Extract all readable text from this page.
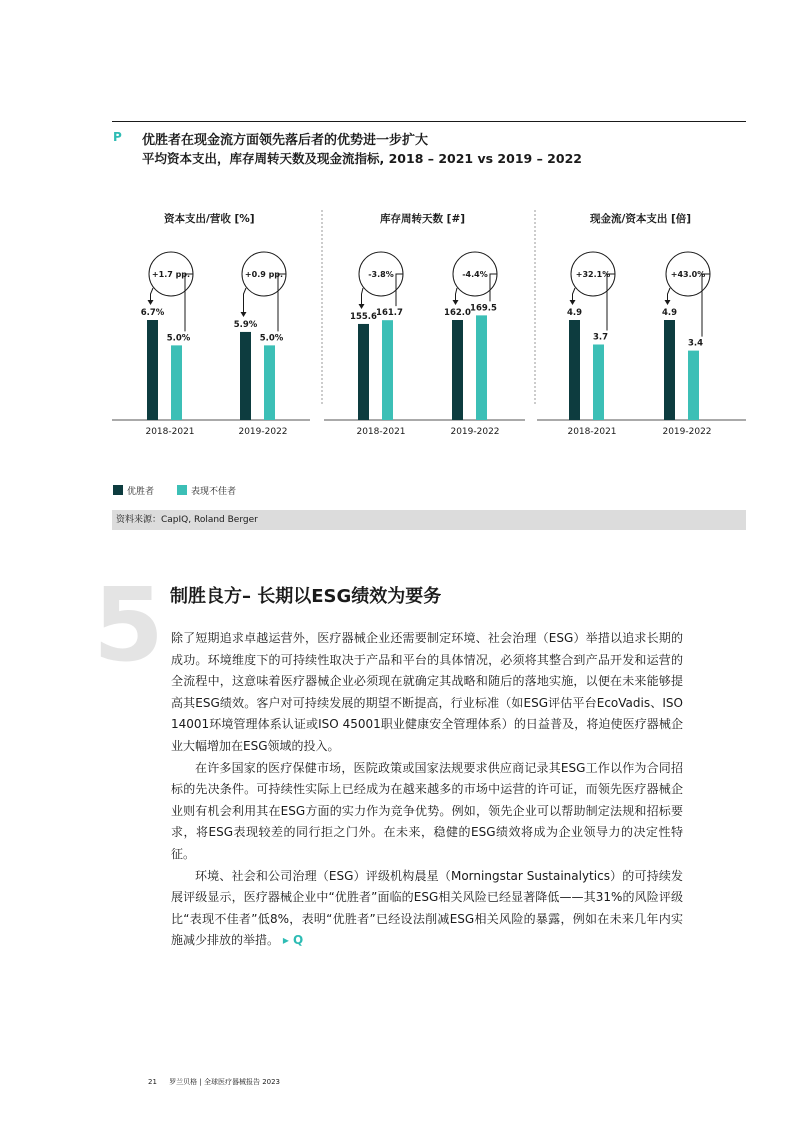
P 优胜者在现金流方面领先落后者的优势进一步扩大
平均资本支出，库存周转天数及现金流指标, 2018 – 2021 vs 2019 – 2022
资本支出/营收 [%]
6.7%
5.0%
2018-2021
+1.7 pp.
5.9%
5.0%
2019-2022
+0.9 pp.
库存周转天数 [#]
155.6 161.7
2018-2021
-3.8%
162.0 169.5
2019-2022
-4.4%
现金流/资本支出 [倍]
4.9
3.7
2018-2021
+32.1%
4.9
3.4
2019-2022
+43.0%
优胜者	表现不佳者
资料来源：CapIQ, Roland Berger
5 制胜良方– 长期以ESG绩效为要务

除了短期追求卓越运营外，医疗器械企业还需要制定环境、社会治理（ESG）举措以追求长期的成功。环境维度下的可持续性取决于产品和平台的具体情况，必须将其整合到产品开发和运营的全流程中，这意味着医疗器械企业必须现在就确定其战略和随后的落地实施，以便在未来能够提高其ESG绩效。客户对可持续发展的期望不断提高，行业标准（如ESG评估平台EcoVadis、ISO 14001环境管理体系认证或ISO 45001职业健康安全管理体系）的日益普及，将迫使医疗器械企业大幅增加在ESG领域的投入。

在许多国家的医疗保健市场，医院政策或国家法规要求供应商记录其ESG工作以作为合同招标的先决条件。可持续性实际上已经成为在越来越多的市场中运营的许可证，而领先医疗器械企业则有机会利用其在ESG方面的实力作为竞争优势。例如，领先企业可以帮助制定法规和招标要求，将ESG表现较差的同行拒之门外。在未来，稳健的ESG绩效将成为企业领导力的决定性特征。

环境、社会和公司治理（ESG）评级机构晨星（Morningstar Sustainalytics）的可持续发展评级显示，医疗器械企业中“优胜者”面临的ESG相关风险已经显著降低——其31%的风险评级比“表现不佳者”低8%，表明“优胜者”已经设法削减ESG相关风险的暴露，例如在未来几年内实施减少排放的举措。 ▸ Q

21 罗兰贝格 | 全球医疗器械报告 2023
